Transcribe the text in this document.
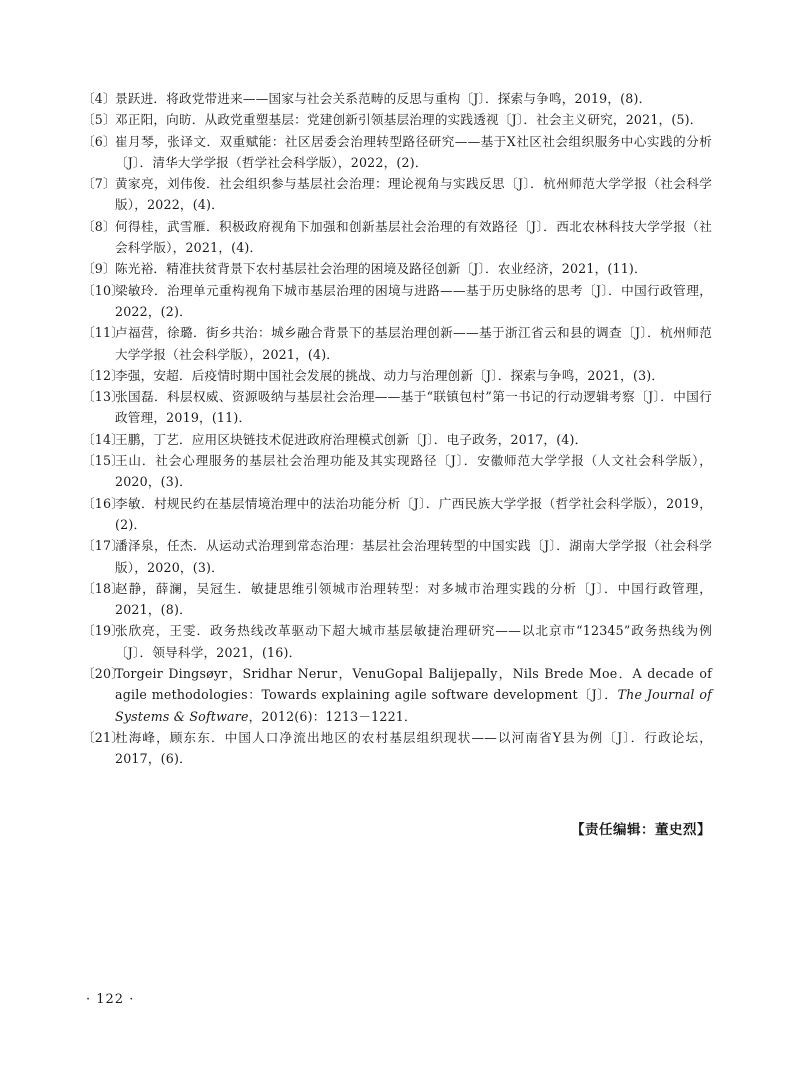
〔4〕 景跃进．将政党带进来——国家与社会关系范畴的反思与重构〔J〕．探索与争鸣，2019，(8)．

〔5〕 邓正阳，向昉．从政党重塑基层：党建创新引领基层治理的实践透视〔J〕．社会主义研究，2021，(5)．

〔6〕 崔月琴，张译文．双重赋能：社区居委会治理转型路径研究——基于X社区社会组织服务中心实践的分析〔J〕．清华大学学报（哲学社会科学版），2022，(2)．

〔7〕 黄家亮，刘伟俊．社会组织参与基层社会治理：理论视角与实践反思〔J〕．杭州师范大学学报（社会科学版），2022，(4)．

〔8〕 何得桂，武雪雁．积极政府视角下加强和创新基层社会治理的有效路径〔J〕．西北农林科技大学学报（社会科学版），2021，(4)．

〔9〕 陈光裕．精准扶贫背景下农村基层社会治理的困境及路径创新〔J〕．农业经济，2021，(11)．

〔10〕
梁敏玲．治理单元重构视角下城市基层治理的困境与进路——基于历史脉络的思考〔J〕．中国行政管理，2022，(2)．

〔11〕
卢福营，徐璐．街乡共治：城乡融合背景下的基层治理创新——基于浙江省云和县的调查〔J〕．杭州师范大学学报（社会科学版），2021，(4)．

〔12〕
李强，安超．后疫情时期中国社会发展的挑战、动力与治理创新〔J〕．探索与争鸣，2021，(3)．

〔13〕
张国磊．科层权威、资源吸纳与基层社会治理——基于“联镇包村”第一书记的行动逻辑考察〔J〕．中国行政管理，2019，(11)．

〔14〕
王鹏，丁艺．应用区块链技术促进政府治理模式创新〔J〕．电子政务，2017，(4)．

〔15〕
王山．社会心理服务的基层社会治理功能及其实现路径〔J〕．安徽师范大学学报（人文社会科学版），2020，(3)．

〔16〕
李敏．村规民约在基层情境治理中的法治功能分析〔J〕．广西民族大学学报（哲学社会科学版），2019，(2)．

〔17〕
潘泽泉，任杰．从运动式治理到常态治理：基层社会治理转型的中国实践〔J〕．湖南大学学报（社会科学版），2020，(3)．

〔18〕
赵静，薛澜，吴冠生．敏捷思维引领城市治理转型：对多城市治理实践的分析〔J〕．中国行政管理，2021，(8)．

〔19〕
张欣亮，王雯．政务热线改革驱动下超大城市基层敏捷治理研究——以北京市“12345”政务热线为例〔J〕．领导科学，2021，(16)．

〔20〕
Torgeir Dingsøyr，Sridhar Nerur，VenuGopal Balijepally，Nils Brede Moe．A decade of agile methodologies：Towards explaining agile software development〔J〕．The Journal of Systems & Software，2012(6)：1213－1221．

〔21〕
杜海峰，顾东东．中国人口净流出地区的农村基层组织现状——以河南省Y县为例〔J〕．行政论坛，2017，(6)．

【责任编辑：董史烈】
· 122 ·
